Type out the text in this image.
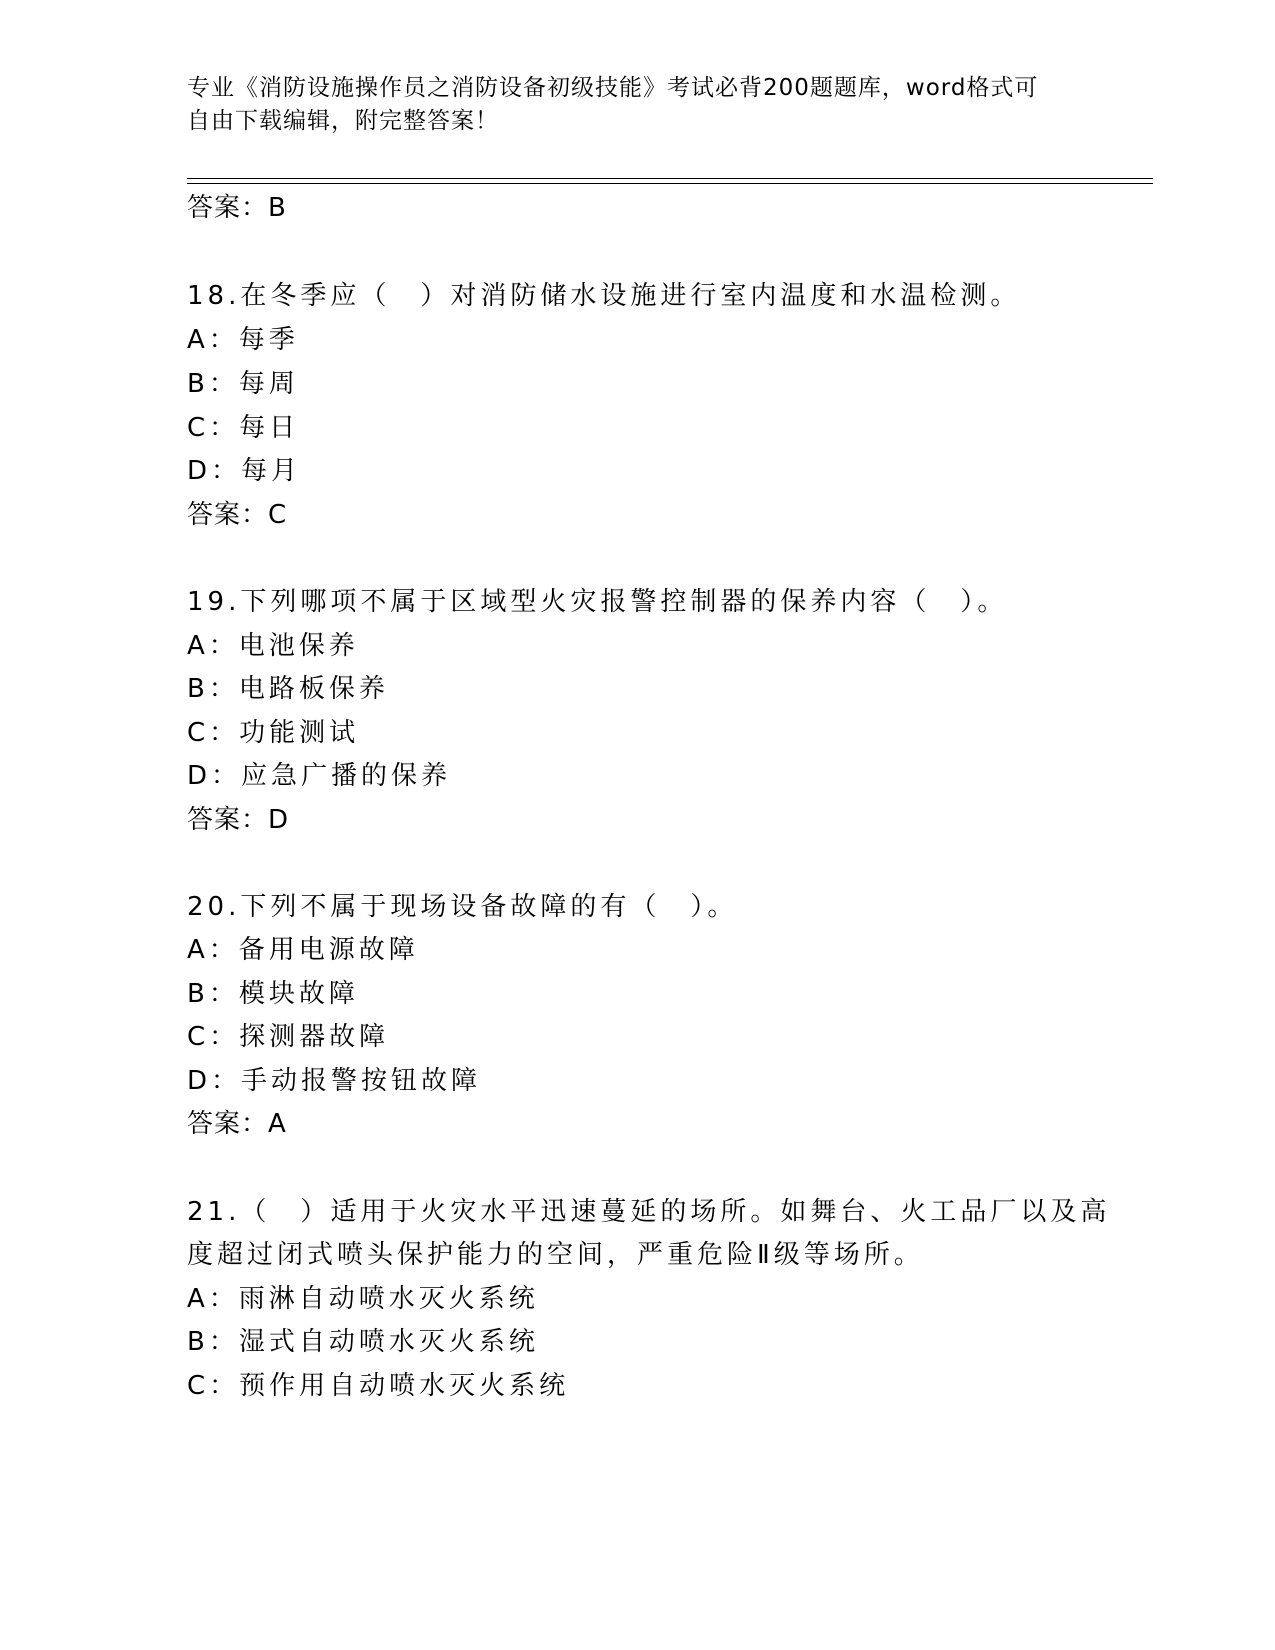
专业《消防设施操作员之消防设备初级技能》考试必背200题题库，word格式可
自由下载编辑，附完整答案！
答案：B
18.在冬季应（　）对消防储水设施进行室内温度和水温检测。
A：每季
B：每周
C：每日
D：每月
答案：C
19.下列哪项不属于区域型火灾报警控制器的保养内容（　）。
A：电池保养
B：电路板保养
C：功能测试
D：应急广播的保养
答案：D
20.下列不属于现场设备故障的有（　）。
A：备用电源故障
B：模块故障
C：探测器故障
D：手动报警按钮故障
答案：A
21.（　）适用于火灾水平迅速蔓延的场所。如舞台、火工品厂以及高
度超过闭式喷头保护能力的空间，严重危险Ⅱ级等场所。
A：雨淋自动喷水灭火系统
B：湿式自动喷水灭火系统
C：预作用自动喷水灭火系统
